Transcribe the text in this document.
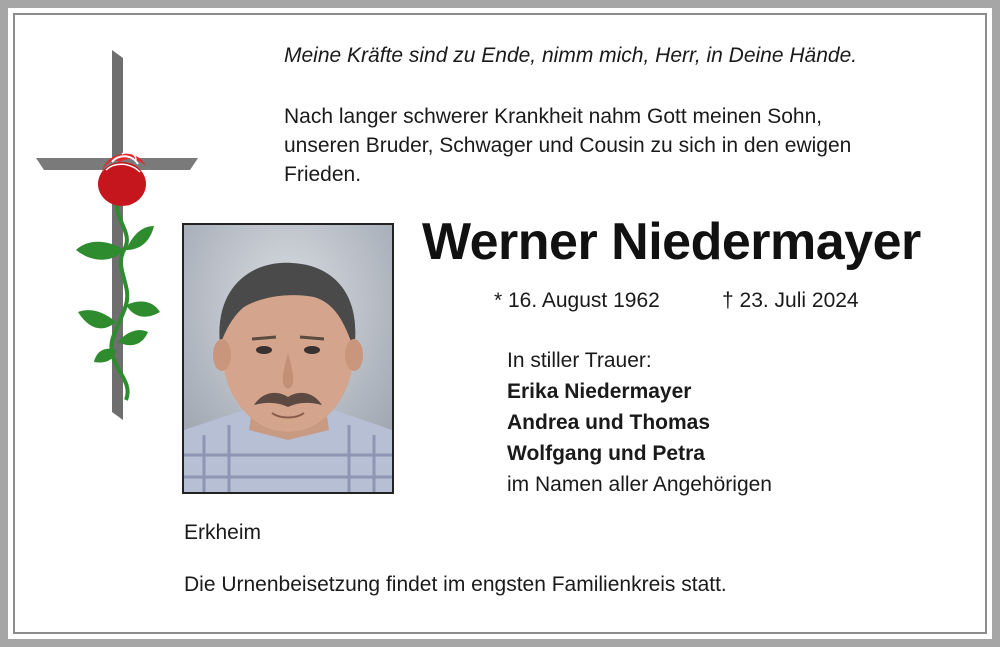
Meine Kräfte sind zu Ende, nimm mich, Herr, in Deine Hände.
Nach langer schwerer Krankheit nahm Gott meinen Sohn,
unseren Bruder, Schwager und Cousin zu sich in den ewigen
Frieden.
Werner Niedermayer
* 16. August 1962	† 23. Juli 2024
In stiller Trauer:
Erika Niedermayer
Andrea und Thomas
Wolfgang und Petra
im Namen aller Angehörigen
Erkheim
Die Urnenbeisetzung findet im engsten Familienkreis statt.
